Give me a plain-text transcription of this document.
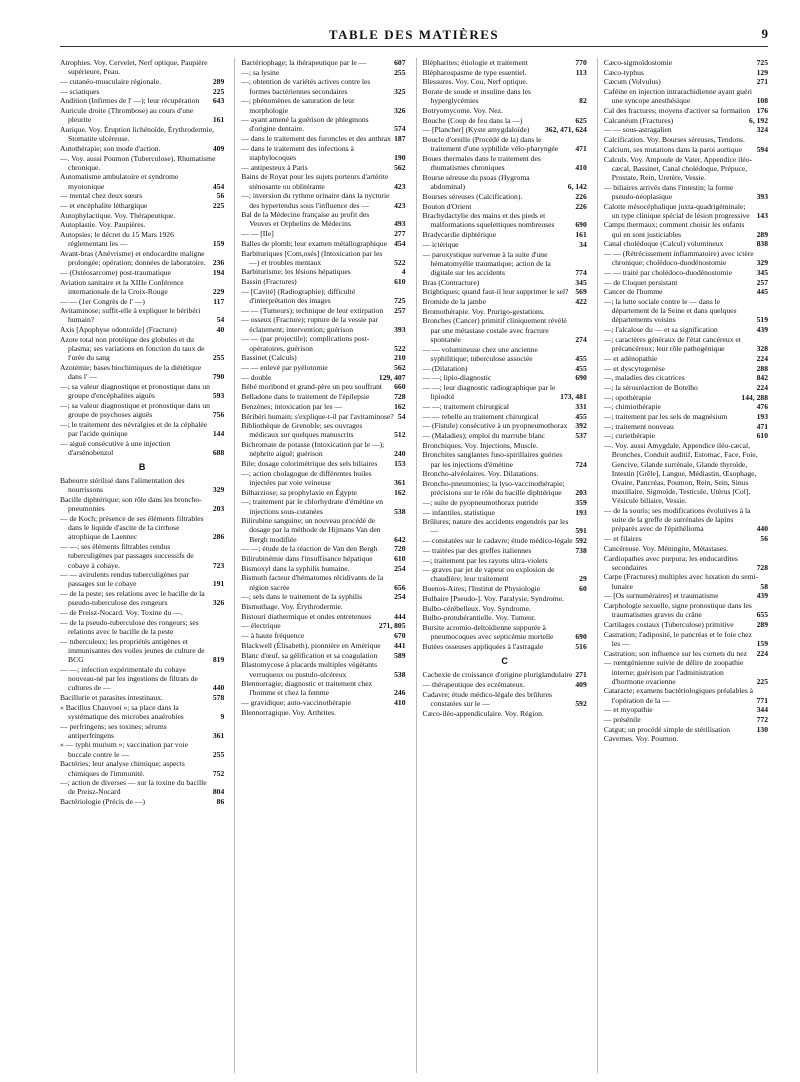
TABLE DES MATIÈRES	9
Atrophies. Voy. Cervelet, Nerf optique, Paupière supérieure, Peau.
— cutanéo-musculaire régionale.	289
— sciatiques	225
Audition (Infirmes de l' —); leur récupération	643
Auricule droite (Thrombose) au cours d'une pleurite	161
Aurique. Voy. Éruption lichénoïde, Érythrodermie, Stomatite ulcéreuse.
Autothérapie; son mode d'action.	409
—. Voy. aussi Poumon (Tuberculose), Rhumatisme chronique.
Automatisme ambulatoire et syndrome myotonique	454
— mental chez deux sœurs	56
— et encéphalite léthargique	225
Autophylactique. Voy. Thérapeutique.
Autoplastie. Voy. Paupières.
Autopsies; le décret du 15 Mars 1926 réglementant les —	159
Avant-bras (Anévrisme) et endocardite maligne prolongée; opération; données de laboratoire. 236
— (Ostéosarcome) post-traumatique	194
Aviation sanitaire et la XIIIe Conférence internationale de la Croix-Rouge	229
— — (1er Congrès de l' —)	117
Avitaminose; suffit-elle à expliquer le béribéri humain?	54
Axis [Apophyse odontoïde] (Fracture)	40
Azote total non protéique des globules et du plasma; ses variations en fonction du taux de l'urée du sang	255
Azotémie; bases biochimiques de la diététique dans l' —	790
—; sa valeur diagnostique et pronostique dans un groupe d'encéphalites aiguës	593
—; sa valeur diagnostique et pronostique dans un groupe de psychoses aiguës	756
—; le traitement des névralgies et de la céphalée par l'acide quinique	144
— aiguë consécutive à une injection d'arsénobenzol	688
B
Babeurre stérilisé dans l'alimentation des nourrissons	329
Bacille diphtérique; son rôle dans les broncho-pneumonies	203
— de Koch; présence de ses éléments filtrables dans le liquide d'ascite de la cirrhose atrophique de Laennec	286
— —; ses éléments filtrables rendus tuberculigènes par passages successifs de cobaye à cobaye.	723
— — avirulents rendus tuberculigènes par passages sur le cobaye	191
— de la peste; ses relations avec le bacille de la pseudo-tuberculose des rongeurs	326
— de Preisz-Nocard. Voy. Toxine du —.
— de la pseudo-tuberculose des rongeurs; ses relations avec le bacille de la peste
— tuberculeux; les propriétés antigènes et immunisantes des voiles jeunes de culture de BCG	819
— —; infection expérimentale du cobaye nouveau-né par les ingestions de filtrats de cultures de —	440
Bacillurie et parasites intestinaux.	578
« Bacillus Chauvoei »; sa place dans la systématique des microbes anaérobies	9
— perfringens; ses toxines; sérums antiperfringens	361
« — typhi murium »; vaccination par voie buccale contre le —	255
Bactéries; leur analyse chimique; aspects chimiques de l'immunité.	752
—; action de diverses — sur la toxine du bacille de Preisz-Nocard	804
Bactériologie (Précis de —)	86
Bactériophage; la thérapeutique par le —	607
—; sa lysine	255
—; obtention de variétés actives contre les formes bactériennes secondaires	325
—; phénomènes de saturation de leur morphologie	326
— ayant amené la guérison de phlegmons d'origine dentaire.	574
— dans le traitement des furoncles et des anthrax 187
— dans le traitement des infections à staphylocoques	190
— antipesteux à Paris	562
Bains de Royat pour les sujets porteurs d'artérite sténosante ou oblitérante	423
—; inversion du rythme urinaire dans la nycturie des hypertendus sous l'influence des —	423
Bal de la Médecine française au profit des Veuves et Orphelins de Médecins	493
— — [IIe]	277
Balles de plomb; leur examen métallographique 454
Barbituriques [Com,osés] (Intoxication par les —) et troubles mentaux	522
Barbiturisme; les lésions hépatiques	4
Bassin (Fractures)	610
— [Cavité] (Radiographie); difficulté d'interprétation des images	725
— — (Tumeurs); technique de leur extirpation	257
— osseux (Fracture); rupture de la vessie par éclatement; intervention; guérison	393
— — (par projectile); complications post-opératoires, guérison	522
Bassinet (Calculs)	210
— — enlevé par pyélotomie	562
— double	129, 407
Bébé moribond et grand-père un peu souffrant	660
Belladone dans le traitement de l'épilepsie	728
Benzènes; intoxication par les —	162
Béribéri humain; s'explique-t-il par l'avitaminose? 54
Bibliothèque de Grenoble; ses ouvrages médicaux sur quelques manuscrits	512
Bichromate de potasse (Intoxication par le —); néphrite aiguë; guérison	240
Bile; dosage colorimétrique des sels biliaires	153
—; action cholagogue de différentes huiles injectées par voie veineuse	361
Bilharziose; sa prophylaxie en Égypte	162
—; traitement par le chlorhydrate d'émétine en injections sous-cutanées	538
Bilirubine sanguine; un nouveau procédé de dosage par la méthode de Hijmans Van den Bergh modifiée	642
— —; étude de la réaction de Van den Bergh	720
Bilirubinémie dans l'insuffisance hépatique	610
Bismoxyl dans la syphilis humaine.	254
Bismuth facteur d'hématomes récidivants de la région sacrée	656
—; sels dans le traitement de la syphilis	254
Bismuthage. Voy. Érythrodermie.
Bistouri diathermique et ondes entretenues	444
— électrique	271, 805
— à haute fréquence	670
Blackwell (Élisabeth), pionnière en Amérique	441
Blanc d'œuf, sa gélification et sa coagulation	589
Blastomycose à placards multiples végétants verruqueux ou pustulo-ulcéreux	538
Blennorragie; diagnostic et traitement chez l'homme et chez la femme	246
— gravidique; auto-vaccinothérapie	410
Blennorragique. Voy. Arthrites.
Blépharites; étiologie et traitement	770
Blépharospasme de type essentiel.	113
Blessures. Voy. Cou, Nerf optique.
Borate de soude et insuline dans les hyperglycémies	82
Botryomycome. Voy. Nez.
Bouche (Coup de feu dans la —)	625
— [Plancher] (Kyste amygdaloïde)	362, 471, 624
Boucle d'oreille (Procédé de la) dans le traitement d'une syphilide vélo-pharyngée	471
Boues thermales dans le traitement des rhumatismes chroniques	410
Bourse séreuse du psoas (Hygroma abdominal)	6, 142
Bourses séreuses (Calcification).	226
Bouton d'Orient	226
Brachydactylie des mains et des pieds et malformations squelettiques nombreuses	690
Bradycardie diphtérique	161
— ictérique	34
— paroxystique survenue à la suite d'une hématomyélie traumatique; action de la digitale sur les accidents	774
Bras (Contracture)	345
Brightiques; quand faut-il leur supprimer le sel? 569
Bromide de la jambe	422
Bromothérapie. Voy. Prurigo-gestations.
Bronches (Cancer) primitif cliniquement révélé par une métastase costale avec fracture spontanée	274
— — volumineuse chez une ancienne syphilitique; tuberculose associée	455
— (Dilatation)	455
— —; lipio-diagnostic	690
— —; leur diagnostic radiographique par le lipiodol	173, 481
— —; traitement chirurgical	331
— — rebelle au traitement chirurgical	455
— (Fistule) consécutive à un pyopneumothorax	392
— (Maladies); emploi du marrube blanc	537
Bronchiques. Voy. Injections, Muscle.
Bronchites sanglantes fuso-spirillaires guéries par les injections d'émétine	724
Broncho-alvéolaires. Voy. Dilatations.
Broncho-pneumonies; la lyso-vaccinothérapie; précisions sur le rôle du bacille diphtérique	203
—; suite de pyopneumothorax putride	359
— infantiles, statistique	193
Brûlures; nature des accidents engendrés par les —	591
— constatées sur le cadavre; étude médico-légale 592
— traitées par des greffes italiennes	738
—; traitement par les rayons ultra-violets
— graves par jet de vapeur ou explosion de chaudière; leur traitement	29
Buenos-Aires; l'Institut de Physiologie	60
Bulbaire [Pseudo-]. Voy. Paralysie, Syndrome.
Bulbo-cérébelleux. Voy. Syndrome.
Bulbo-protubérantielle. Voy. Tumeur.
Bursite acromio-deltoïdienne suppurée à pneumocoques avec septicémie mortelle	690
Butées osseuses appliquées à l'astragale	516
C
Cachexie de croissance d'origine pluriglandulaire 271
— thérapeutique des eczémateux.	409
Cadavre; étude médico-légale des brûlures constatées sur le —	592
Cæco-iléo-appendiculaire. Voy. Région.
Cæco-sigmoïdostomie	725
Cæco-typhus	129
Cæcum (Volvulus)	271
Caféine en injection intrarachidienne ayant guéri une syncope anesthésique	108
Cal des fractures; moyens d'activer sa formation 176
Calcanéum (Fractures)	6, 192
— — sous-astragalien	324
Calcification. Voy. Bourses séreuses, Tendons.
Calcium, ses mutations dans la paroi aortique	594
Calculs. Voy. Ampoule de Vater, Appendice iléo-cæcal, Bassinet, Canal cholédoque, Prépuce, Prostate, Rein, Uretère, Vessie.
— biliaires arrivés dans l'intestin; la forme pseudo-néoplasique	393
Calotte mésocéphalique juxta-quadrigéminale; un type clinique spécial de lésion progressive 143
Camps thermaux; comment choisir les enfants qui en sont justiciables	289
Canal cholédoque (Calcul) volumineux	838
— — (Rétrécissement inflammatoire) avec ictère chronique; cholédoco-duodénostomie	329
— — traité par cholédoco-duodénostomie	345
— de Cloquet persistant	257
Cancer de l'homme	445
—; la lutte sociale contre le — dans le département de la Seine et dans quelques départements voisins	519
—; l'alcalose du — et sa signification	439
—; caractères généraux de l'état cancéreux et précancéreux; leur rôle pathogénique	328
— et adénopathie	224
— et dyscytogenèse	288
—, maladies des cicatrices	842
—; la sérosréaction de Botelho	224
—; opothérapie	144, 288
—; chimiothérapie	476
—; traitement par les sels de magnésium	193
—; traitement nouveau	471
—; curiethérapie	610
—. Voy. aussi Amygdale, Appendice iléo-cæcal, Bronches, Conduit auditif, Estomac, Face, Foie, Gencive, Glande surrénale, Glande thyroïde, Intestin [Grêle], Langue, Médiastin, Œsophage, Ovaire, Pancréas, Poumon, Rein, Sein, Sinus maxillaire, Sigmoïde, Testicule, Utérus [Col], Vésicule biliaire, Vessie.
— de la souris; ses modifications évolutives à la suite de la greffe de surrénales de lapins préparés avec de l'épithélioma	440
— et filaires	56
Cancéreuse. Voy. Méningite, Métastases.
Cardiopathes avec purpura; les endocardites secondaires	728
Carpe (Fractures) multiples avec luxation du semi-lunaire	58
— [Os surnuméraires] et traumatisme	439
Carphologie sexuelle, signe pronostique dans les traumatismes graves du crâne	655
Cartilages costaux (Tuberculose) primitive	289
Castration; l'adiposité, le pancréas et le foie chez les —	159
Castration; son influence sur les cornets du nez	224
— rœntgénienne suivie de délire de zoopathie interne; guérison par l'administration d'hormone ovarienne	225
Cataracte; examens bactériologiques préalables à l'opération de la —	771
— et myopathie	344
— présénile	772
Catgut; un procédé simple de stérilisation	130
Cavernes. Voy. Poumon.
